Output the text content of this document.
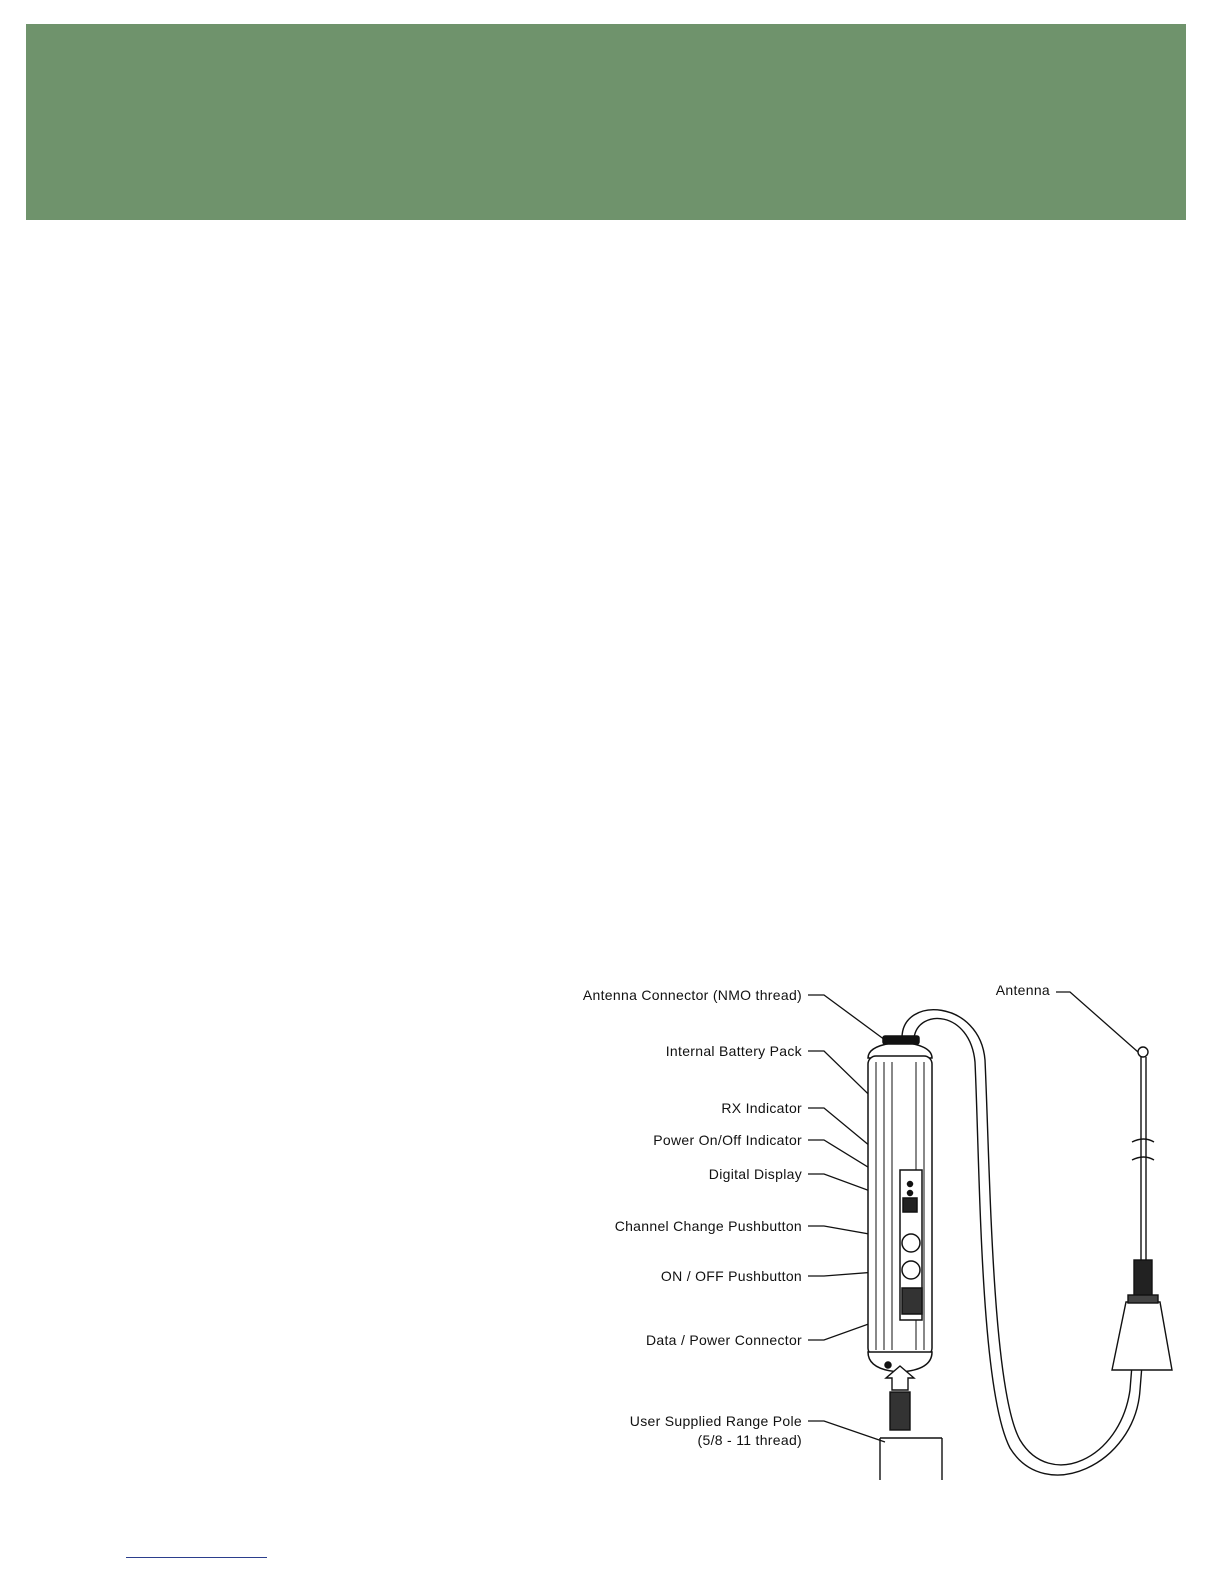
Antenna Connector (NMO thread)	Antenna
Internal Battery Pack
RX Indicator
Power On/Off Indicator
Digital Display
Channel Change Pushbutton
ON / OFF Pushbutton
Data / Power Connector
User Supplied Range Pole
(5/8 - 11 thread)
